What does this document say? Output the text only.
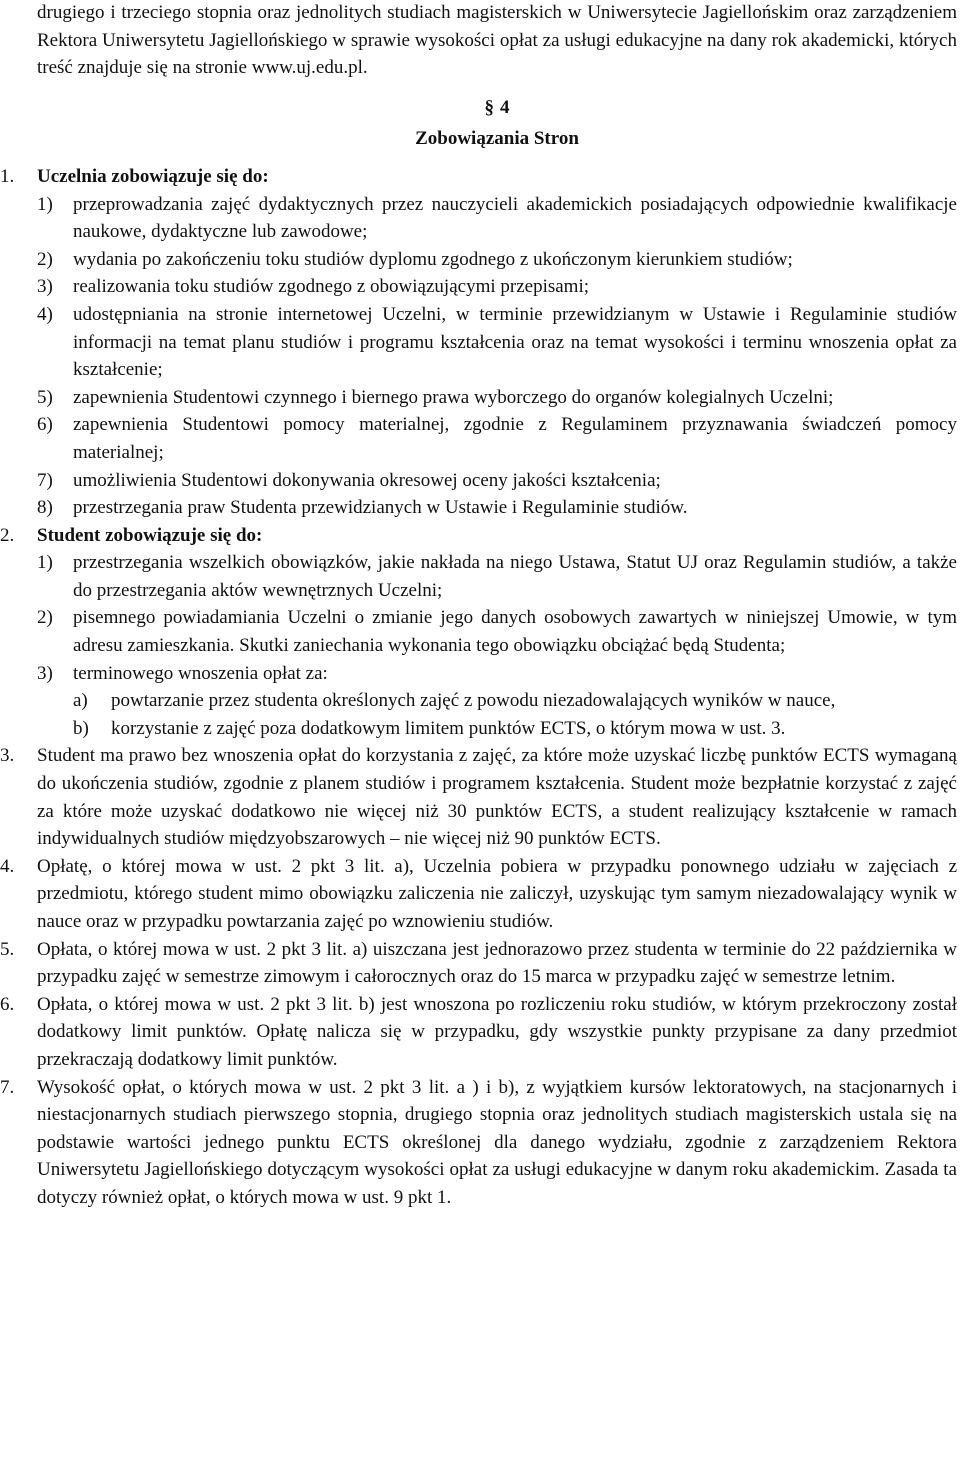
drugiego i trzeciego stopnia oraz jednolitych studiach magisterskich w Uniwersytecie Jagiellońskim oraz zarządzeniem Rektora Uniwersytetu Jagiellońskiego w sprawie wysokości opłat za usługi edukacyjne na dany rok akademicki, których treść znajduje się na stronie www.uj.edu.pl.

§ 4
Zobowiązania Stron
1. Uczelnia zobowiązuje się do:
1) przeprowadzania zajęć dydaktycznych przez nauczycieli akademickich posiadających odpowiednie kwalifikacje naukowe, dydaktyczne lub zawodowe;
2) wydania po zakończeniu toku studiów dyplomu zgodnego z ukończonym kierunkiem studiów;
3) realizowania toku studiów zgodnego z obowiązującymi przepisami;
4) udostępniania na stronie internetowej Uczelni, w terminie przewidzianym w Ustawie i Regulaminie studiów informacji na temat planu studiów i programu kształcenia oraz na temat wysokości i terminu wnoszenia opłat za kształcenie;
5) zapewnienia Studentowi czynnego i biernego prawa wyborczego do organów kolegialnych Uczelni;
6) zapewnienia Studentowi pomocy materialnej, zgodnie z Regulaminem przyznawania świadczeń pomocy materialnej;
7) umożliwienia Studentowi dokonywania okresowej oceny jakości kształcenia;
8) przestrzegania praw Studenta przewidzianych w Ustawie i Regulaminie studiów.
2. Student zobowiązuje się do:
1) przestrzegania wszelkich obowiązków, jakie nakłada na niego Ustawa, Statut UJ oraz Regulamin studiów, a także do przestrzegania aktów wewnętrznych Uczelni;
2) pisemnego powiadamiania Uczelni o zmianie jego danych osobowych zawartych w niniejszej Umowie, w tym adresu zamieszkania. Skutki zaniechania wykonania tego obowiązku obciążać będą Studenta;
3) terminowego wnoszenia opłat za:
a) powtarzanie przez studenta określonych zajęć z powodu niezadowalających wyników w nauce,
b) korzystanie z zajęć poza dodatkowym limitem punktów ECTS, o którym mowa w ust. 3.
3. Student ma prawo bez wnoszenia opłat do korzystania z zajęć, za które może uzyskać liczbę punktów ECTS wymaganą do ukończenia studiów, zgodnie z planem studiów i programem kształcenia. Student może bezpłatnie korzystać z zajęć za które może uzyskać dodatkowo nie więcej niż 30 punktów ECTS, a student realizujący kształcenie w ramach indywidualnych studiów międzyobszarowych – nie więcej niż 90 punktów ECTS.
4. Opłatę, o której mowa w ust. 2 pkt 3 lit. a), Uczelnia pobiera w przypadku ponownego udziału w zajęciach z przedmiotu, którego student mimo obowiązku zaliczenia nie zaliczył, uzyskując tym samym niezadowalający wynik w nauce oraz w przypadku powtarzania zajęć po wznowieniu studiów.
5. Opłata, o której mowa w ust. 2 pkt 3 lit. a) uiszczana jest jednorazowo przez studenta w terminie do 22 października w przypadku zajęć w semestrze zimowym i całorocznych oraz do 15 marca w przypadku zajęć w semestrze letnim.
6. Opłata, o której mowa w ust. 2 pkt 3 lit. b) jest wnoszona po rozliczeniu roku studiów, w którym przekroczony został dodatkowy limit punktów. Opłatę nalicza się w przypadku, gdy wszystkie punkty przypisane za dany przedmiot przekraczają dodatkowy limit punktów.
7. Wysokość opłat, o których mowa w ust. 2 pkt 3 lit. a ) i b), z wyjątkiem kursów lektoratowych, na stacjonarnych i niestacjonarnych studiach pierwszego stopnia, drugiego stopnia oraz jednolitych studiach magisterskich ustala się na podstawie wartości jednego punktu ECTS określonej dla danego wydziału, zgodnie z zarządzeniem Rektora Uniwersytetu Jagiellońskiego dotyczącym wysokości opłat za usługi edukacyjne w danym roku akademickim. Zasada ta dotyczy również opłat, o których mowa w ust. 9 pkt 1.
